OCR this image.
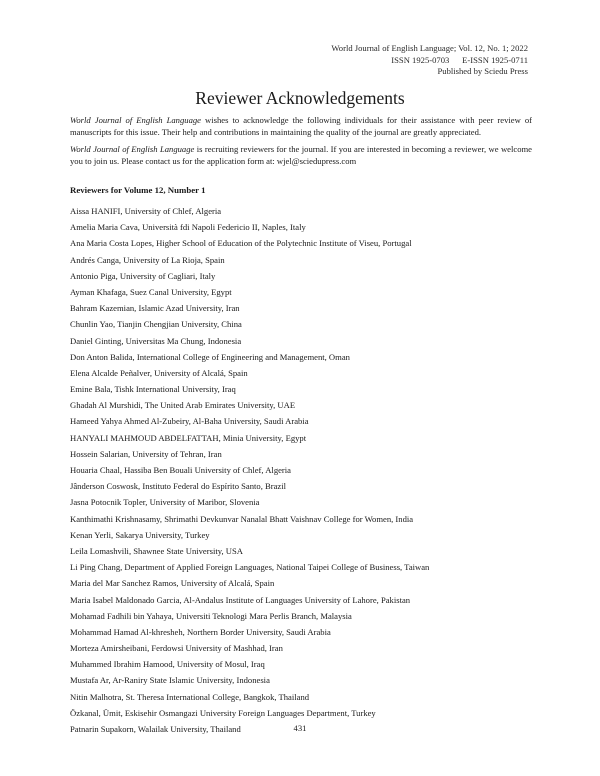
World Journal of English Language; Vol. 12, No. 1; 2022
ISSN 1925-0703      E-ISSN 1925-0711
Published by Sciedu Press
Reviewer Acknowledgements

World Journal of English Language wishes to acknowledge the following individuals for their assistance with peer review of manuscripts for this issue. Their help and contributions in maintaining the quality of the journal are greatly appreciated.

World Journal of English Language is recruiting reviewers for the journal. If you are interested in becoming a reviewer, we welcome you to join us. Please contact us for the application form at: wjel@sciedupress.com

Reviewers for Volume 12, Number 1
Aissa HANIFI, University of Chlef, Algeria
Amelia Maria Cava, Università fdi Napoli Federicio II, Naples, Italy
Ana Maria Costa Lopes, Higher School of Education of the Polytechnic Institute of Viseu, Portugal
Andrés Canga, University of La Rioja, Spain
Antonio Piga, University of Cagliari, Italy
Ayman Khafaga, Suez Canal University, Egypt
Bahram Kazemian, Islamic Azad University, Iran
Chunlin Yao, Tianjin Chengjian University, China
Daniel Ginting, Universitas Ma Chung, Indonesia
Don Anton Balida, International College of Engineering and Management, Oman
Elena Alcalde Peñalver, University of Alcalá, Spain
Emine Bala, Tishk International University, Iraq
Ghadah Al Murshidi, The United Arab Emirates University, UAE
Hameed Yahya Ahmed Al-Zubeiry, Al-Baha University, Saudi Arabia
HANYALI MAHMOUD ABDELFATTAH, Minia University, Egypt
Hossein Salarian, University of Tehran, Iran
Houaria Chaal, Hassiba Ben Bouali University of Chlef, Algeria
Jânderson Coswosk, Instituto Federal do Espírito Santo, Brazil
Jasna Potocnik Topler, University of Maribor, Slovenia
Kanthimathi Krishnasamy, Shrimathi Devkunvar Nanalal Bhatt Vaishnav College for Women, India
Kenan Yerli, Sakarya University, Turkey
Leila Lomashvili, Shawnee State University, USA
Li Ping Chang, Department of Applied Foreign Languages, National Taipei College of Business, Taiwan
Maria del Mar Sanchez Ramos, University of Alcalá, Spain
Maria Isabel Maldonado Garcia, Al-Andalus Institute of Languages University of Lahore, Pakistan
Mohamad Fadhili bin Yahaya, Universiti Teknologi Mara Perlis Branch, Malaysia
Mohammad Hamad Al-khresheh, Northern Border University, Saudi Arabia
Morteza Amirsheibani, Ferdowsi University of Mashhad, Iran
Muhammed Ibrahim Hamood, University of Mosul, Iraq
Mustafa Ar, Ar-Raniry State Islamic University, Indonesia
Nitin Malhotra, St. Theresa International College, Bangkok, Thailand
Özkanal, Ümit, Eskisehir Osmangazi University Foreign Languages Department, Turkey
Patnarin Supakorn, Walailak University, Thailand	431
